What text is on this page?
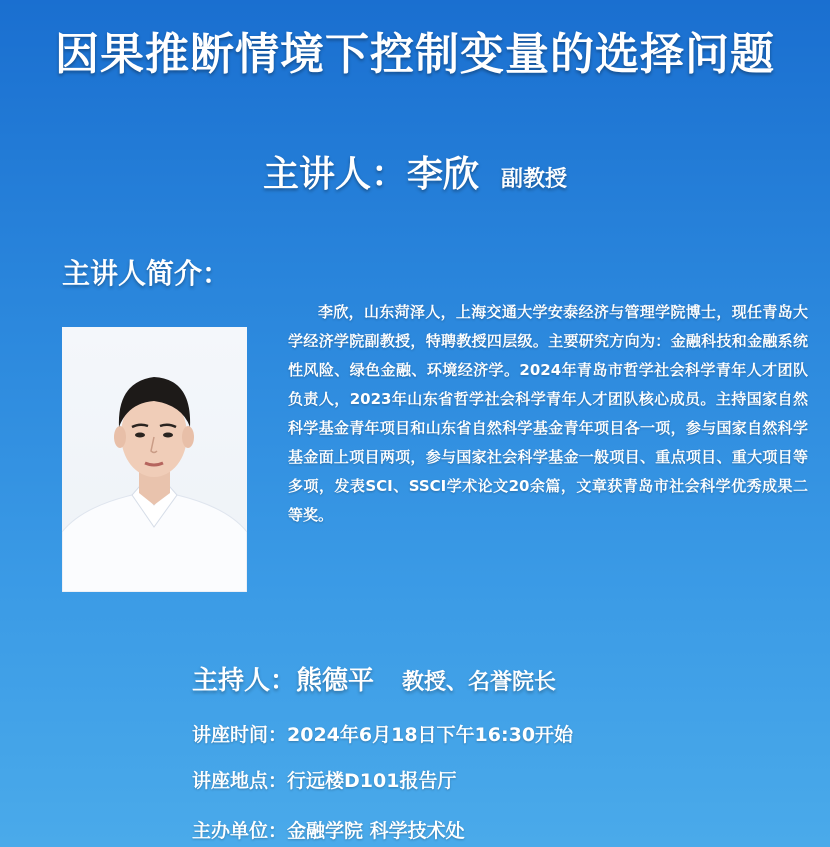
因果推断情境下控制变量的选择问题
主讲人：李欣 副教授
主讲人简介：
李欣，山东菏泽人，上海交通大学安泰经济与管理学院博士，现任青岛大学经济学院副教授，特聘教授四层级。主要研究方向为：金融科技和金融系统性风险、绿色金融、环境经济学。2024年青岛市哲学社会科学青年人才团队负责人，2023年山东省哲学社会科学青年人才团队核心成员。主持国家自然科学基金青年项目和山东省自然科学基金青年项目各一项，参与国家自然科学基金面上项目两项，参与国家社会科学基金一般项目、重点项目、重大项目等多项，发表SCI、SSCI学术论文20余篇，文章获青岛市社会科学优秀成果二等奖。
主持人：熊德平 教授、名誉院长
讲座时间：2024年6月18日下午16:30开始
讲座地点：行远楼D101报告厅
主办单位：金融学院 科学技术处
